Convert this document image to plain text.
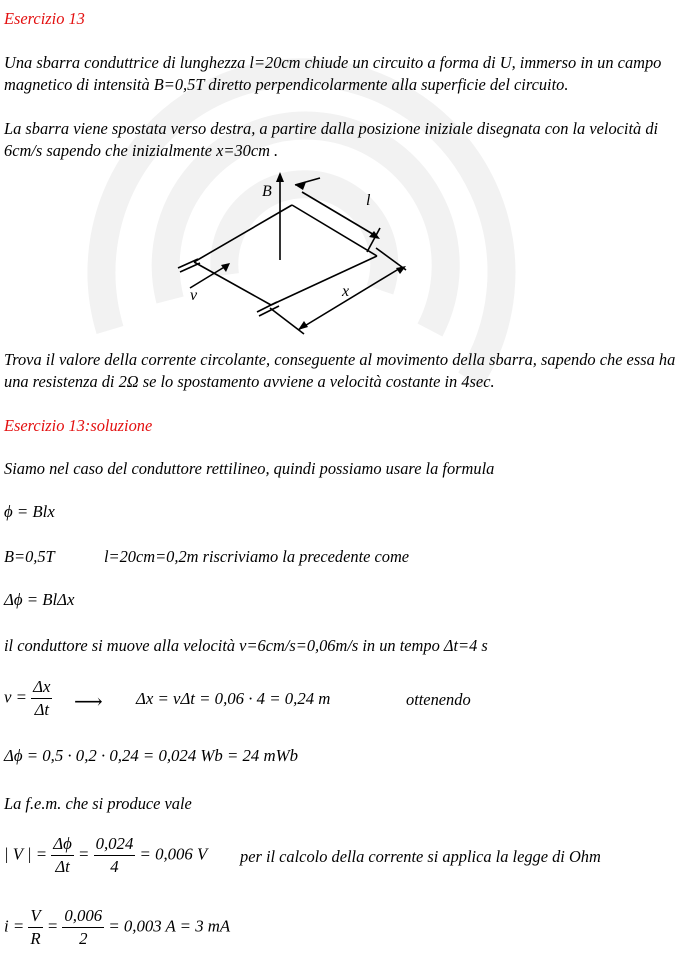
Esercizio 13
Una sbarra conduttrice di lunghezza l=20cm chiude un circuito a forma di U, immerso in un campo magnetico di intensità B=0,5T diretto perpendicolarmente alla superficie del circuito.
La sbarra viene spostata verso destra, a partire dalla posizione iniziale disegnata con la velocità di 6cm/s sapendo che inizialmente x=30cm .
B
l
x
v
Trova il valore della corrente circolante, conseguente al movimento della sbarra, sapendo che essa ha una resistenza di 2Ω se lo spostamento avviene a velocità costante in 4sec.
Esercizio 13:soluzione
Siamo nel caso del conduttore rettilineo, quindi possiamo usare la formula
ϕ = Blx
B=0,5T	l=20cm=0,2m riscriviamo la precedente come
Δϕ = BlΔx
il conduttore si muove alla velocità v=6cm/s=0,06m/s in un tempo Δt=4 s
$v = \frac{\Delta x}{\Delta t}$ ⟶ Δx = vΔt = 0,06 · 4 = 0,24 m	ottenendo
Δϕ = 0,5 · 0,2 · 0,24 = 0,024 Wb = 24 mWb
La f.e.m. che si produce vale
| V | = $\frac{\Delta\phi}{\Delta t} = \frac{0,024}{4} = 0,006$ V per il calcolo della corrente si applica la legge di Ohm
$i = \frac{V}{R} = \frac{0,006}{2} = 0,003$ A = 3 mA
